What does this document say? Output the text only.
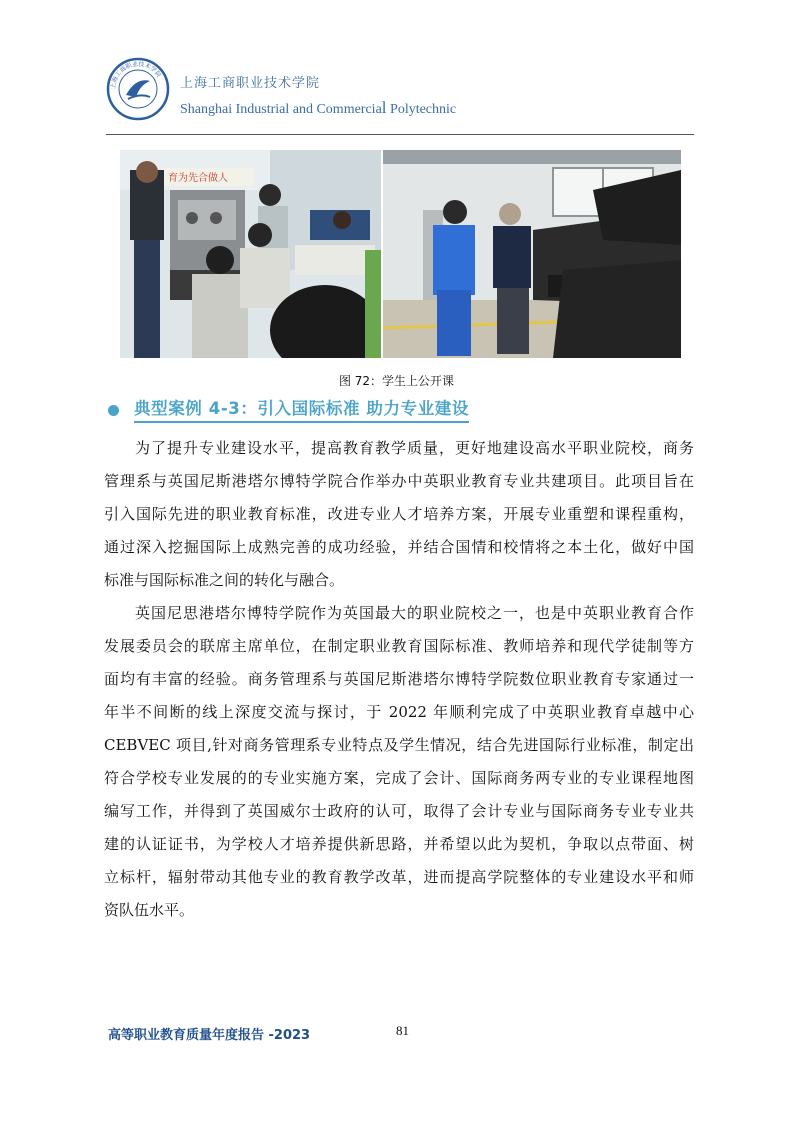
上海工商职业技术学院
上海工商职业技术学院
Shanghai Industrial and Commercial Polytechnic
育为先合做人
图 72：学生上公开课
典型案例 4-3：引入国际标准 助力专业建设
为了提升专业建设水平，提高教育教学质量，更好地建设高水平职业院校，商务
管理系与英国尼斯港塔尔博特学院合作举办中英职业教育专业共建项目。此项目旨在
引入国际先进的职业教育标准，改进专业人才培养方案，开展专业重塑和课程重构，
通过深入挖掘国际上成熟完善的成功经验，并结合国情和校情将之本土化，做好中国
标准与国际标准之间的转化与融合。
英国尼思港塔尔博特学院作为英国最大的职业院校之一，也是中英职业教育合作
发展委员会的联席主席单位，在制定职业教育国际标准、教师培养和现代学徒制等方
面均有丰富的经验。商务管理系与英国尼斯港塔尔博特学院数位职业教育专家通过一
年半不间断的线上深度交流与探讨，于 2022 年顺利完成了中英职业教育卓越中心
CEBVEC 项目,针对商务管理系专业特点及学生情况，结合先进国际行业标准，制定出
符合学校专业发展的的专业实施方案，完成了会计、国际商务两专业的专业课程地图
编写工作，并得到了英国威尔士政府的认可，取得了会计专业与国际商务专业专业共
建的认证证书，为学校人才培养提供新思路，并希望以此为契机，争取以点带面、树
立标杆，辐射带动其他专业的教育教学改革，进而提高学院整体的专业建设水平和师
资队伍水平。
高等职业教育质量年度报告 -2023	81
